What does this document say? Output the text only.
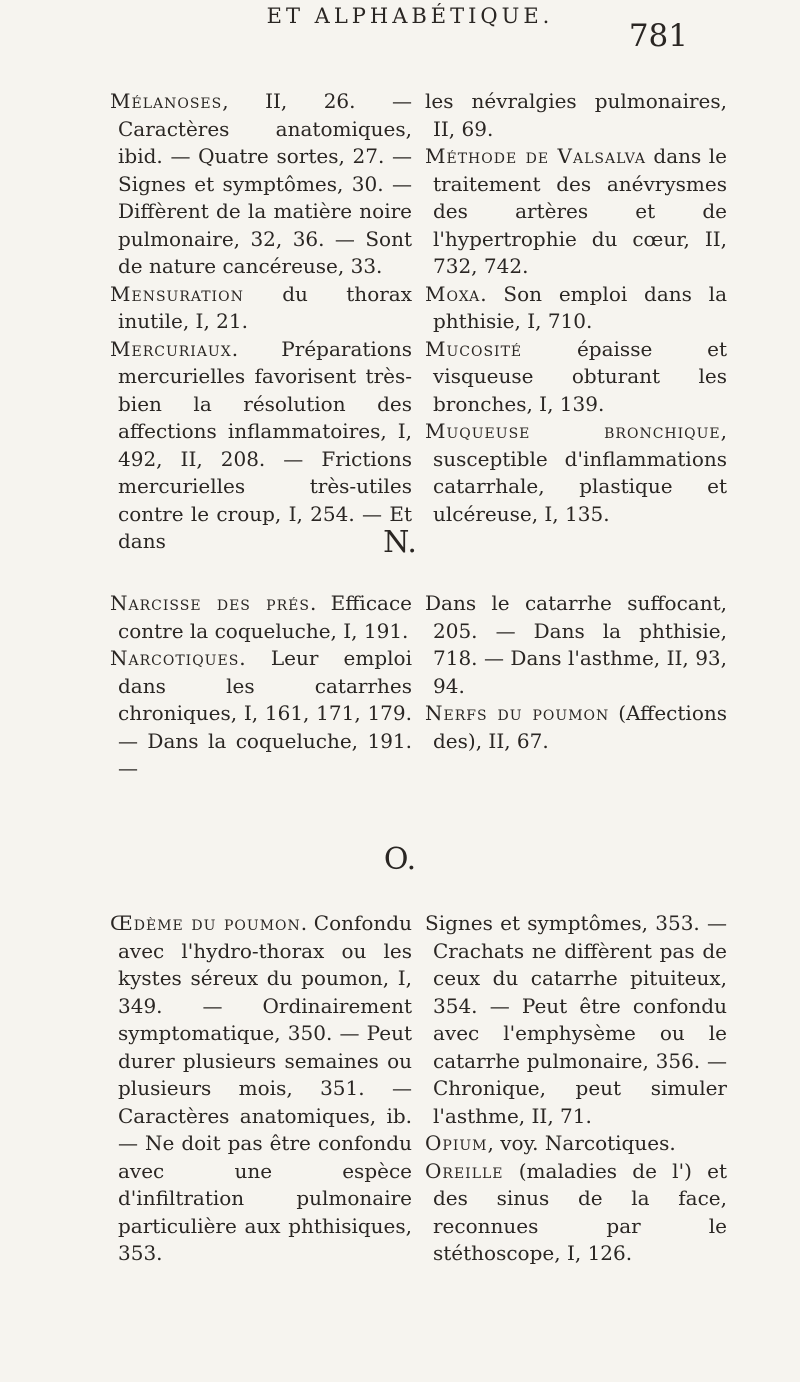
ET ALPHABÉTIQUE.
781

Mélanoses, II, 26. — Caractères anatomiques, ibid. — Quatre sortes, 27. — Signes et symptômes, 30. — Diffèrent de la matière noire pulmonaire, 32, 36. — Sont de nature cancéreuse, 33.

Mensuration du thorax inutile, I, 21.

Mercuriaux. Préparations mercurielles favorisent très-bien la résolution des affections inflammatoires, I, 492, II, 208. — Frictions mercurielles très-utiles contre le croup, I, 254. — Et dans

les névralgies pulmonaires, II, 69.

Méthode de Valsalva dans le traitement des anévrysmes des artères et de l'hypertrophie du cœur, II, 732, 742.

Moxa. Son emploi dans la phthisie, I, 710.

Mucosité épaisse et visqueuse obturant les bronches, I, 139.

Muqueuse bronchique, susceptible d'inflammations catarrhale, plastique et ulcéreuse, I, 135.

N.

Narcisse des prés. Efficace contre la coqueluche, I, 191.

Narcotiques. Leur emploi dans les catarrhes chroniques, I, 161, 171, 179. — Dans la coqueluche, 191. —

Dans le catarrhe suffocant, 205. — Dans la phthisie, 718. — Dans l'asthme, II, 93, 94.

Nerfs du poumon (Affections des), II, 67.

O.

Œdème du poumon. Confondu avec l'hydro-thorax ou les kystes séreux du poumon, I, 349. — Ordinairement symptomatique, 350. — Peut durer plusieurs semaines ou plusieurs mois, 351. — Caractères anatomiques, ib. — Ne doit pas être confondu avec une espèce d'infiltration pulmonaire particulière aux phthisiques, 353.

Signes et symptômes, 353. — Crachats ne diffèrent pas de ceux du catarrhe pituiteux, 354. — Peut être confondu avec l'emphysème ou le catarrhe pulmonaire, 356. — Chronique, peut simuler l'asthme, II, 71.

Opium, voy. Narcotiques.

Oreille (maladies de l') et des sinus de la face, reconnues par le stéthoscope, I, 126.
